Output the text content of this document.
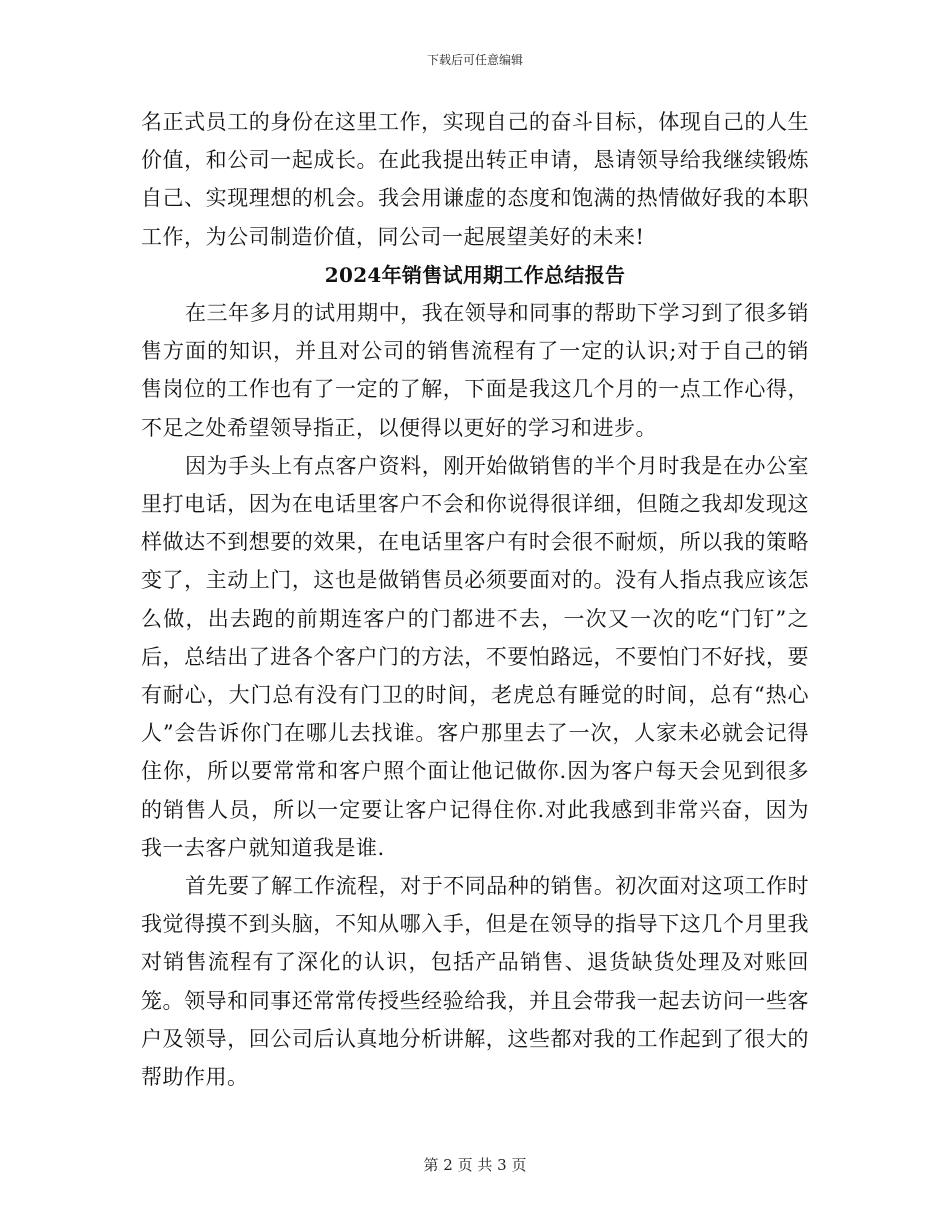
下载后可任意编辑

名正式员工的身份在这里工作，实现自己的奋斗目标，体现自己的人生价值，和公司一起成长。在此我提出转正申请，恳请领导给我继续锻炼自己、实现理想的机会。我会用谦虚的态度和饱满的热情做好我的本职工作，为公司制造价值，同公司一起展望美好的未来!

2024年销售试用期工作总结报告

在三年多月的试用期中，我在领导和同事的帮助下学习到了很多销售方面的知识，并且对公司的销售流程有了一定的认识;对于自己的销售岗位的工作也有了一定的了解，下面是我这几个月的一点工作心得，不足之处希望领导指正，以便得以更好的学习和进步。

因为手头上有点客户资料，刚开始做销售的半个月时我是在办公室里打电话，因为在电话里客户不会和你说得很详细，但随之我却发现这样做达不到想要的效果，在电话里客户有时会很不耐烦，所以我的策略变了，主动上门，这也是做销售员必须要面对的。没有人指点我应该怎么做，出去跑的前期连客户的门都进不去，一次又一次的吃“门钉”之后，总结出了进各个客户门的方法，不要怕路远，不要怕门不好找，要有耐心，大门总有没有门卫的时间，老虎总有睡觉的时间，总有“热心人”会告诉你门在哪儿去找谁。客户那里去了一次，人家未必就会记得住你，所以要常常和客户照个面让他记做你.因为客户每天会见到很多的销售人员，所以一定要让客户记得住你.对此我感到非常兴奋，因为我一去客户就知道我是谁.

首先要了解工作流程，对于不同品种的销售。初次面对这项工作时我觉得摸不到头脑，不知从哪入手，但是在领导的指导下这几个月里我对销售流程有了深化的认识，包括产品销售、退货缺货处理及对账回笼。领导和同事还常常传授些经验给我，并且会带我一起去访问一些客户及领导，回公司后认真地分析讲解，这些都对我的工作起到了很大的帮助作用。

第 2 页 共 3 页
